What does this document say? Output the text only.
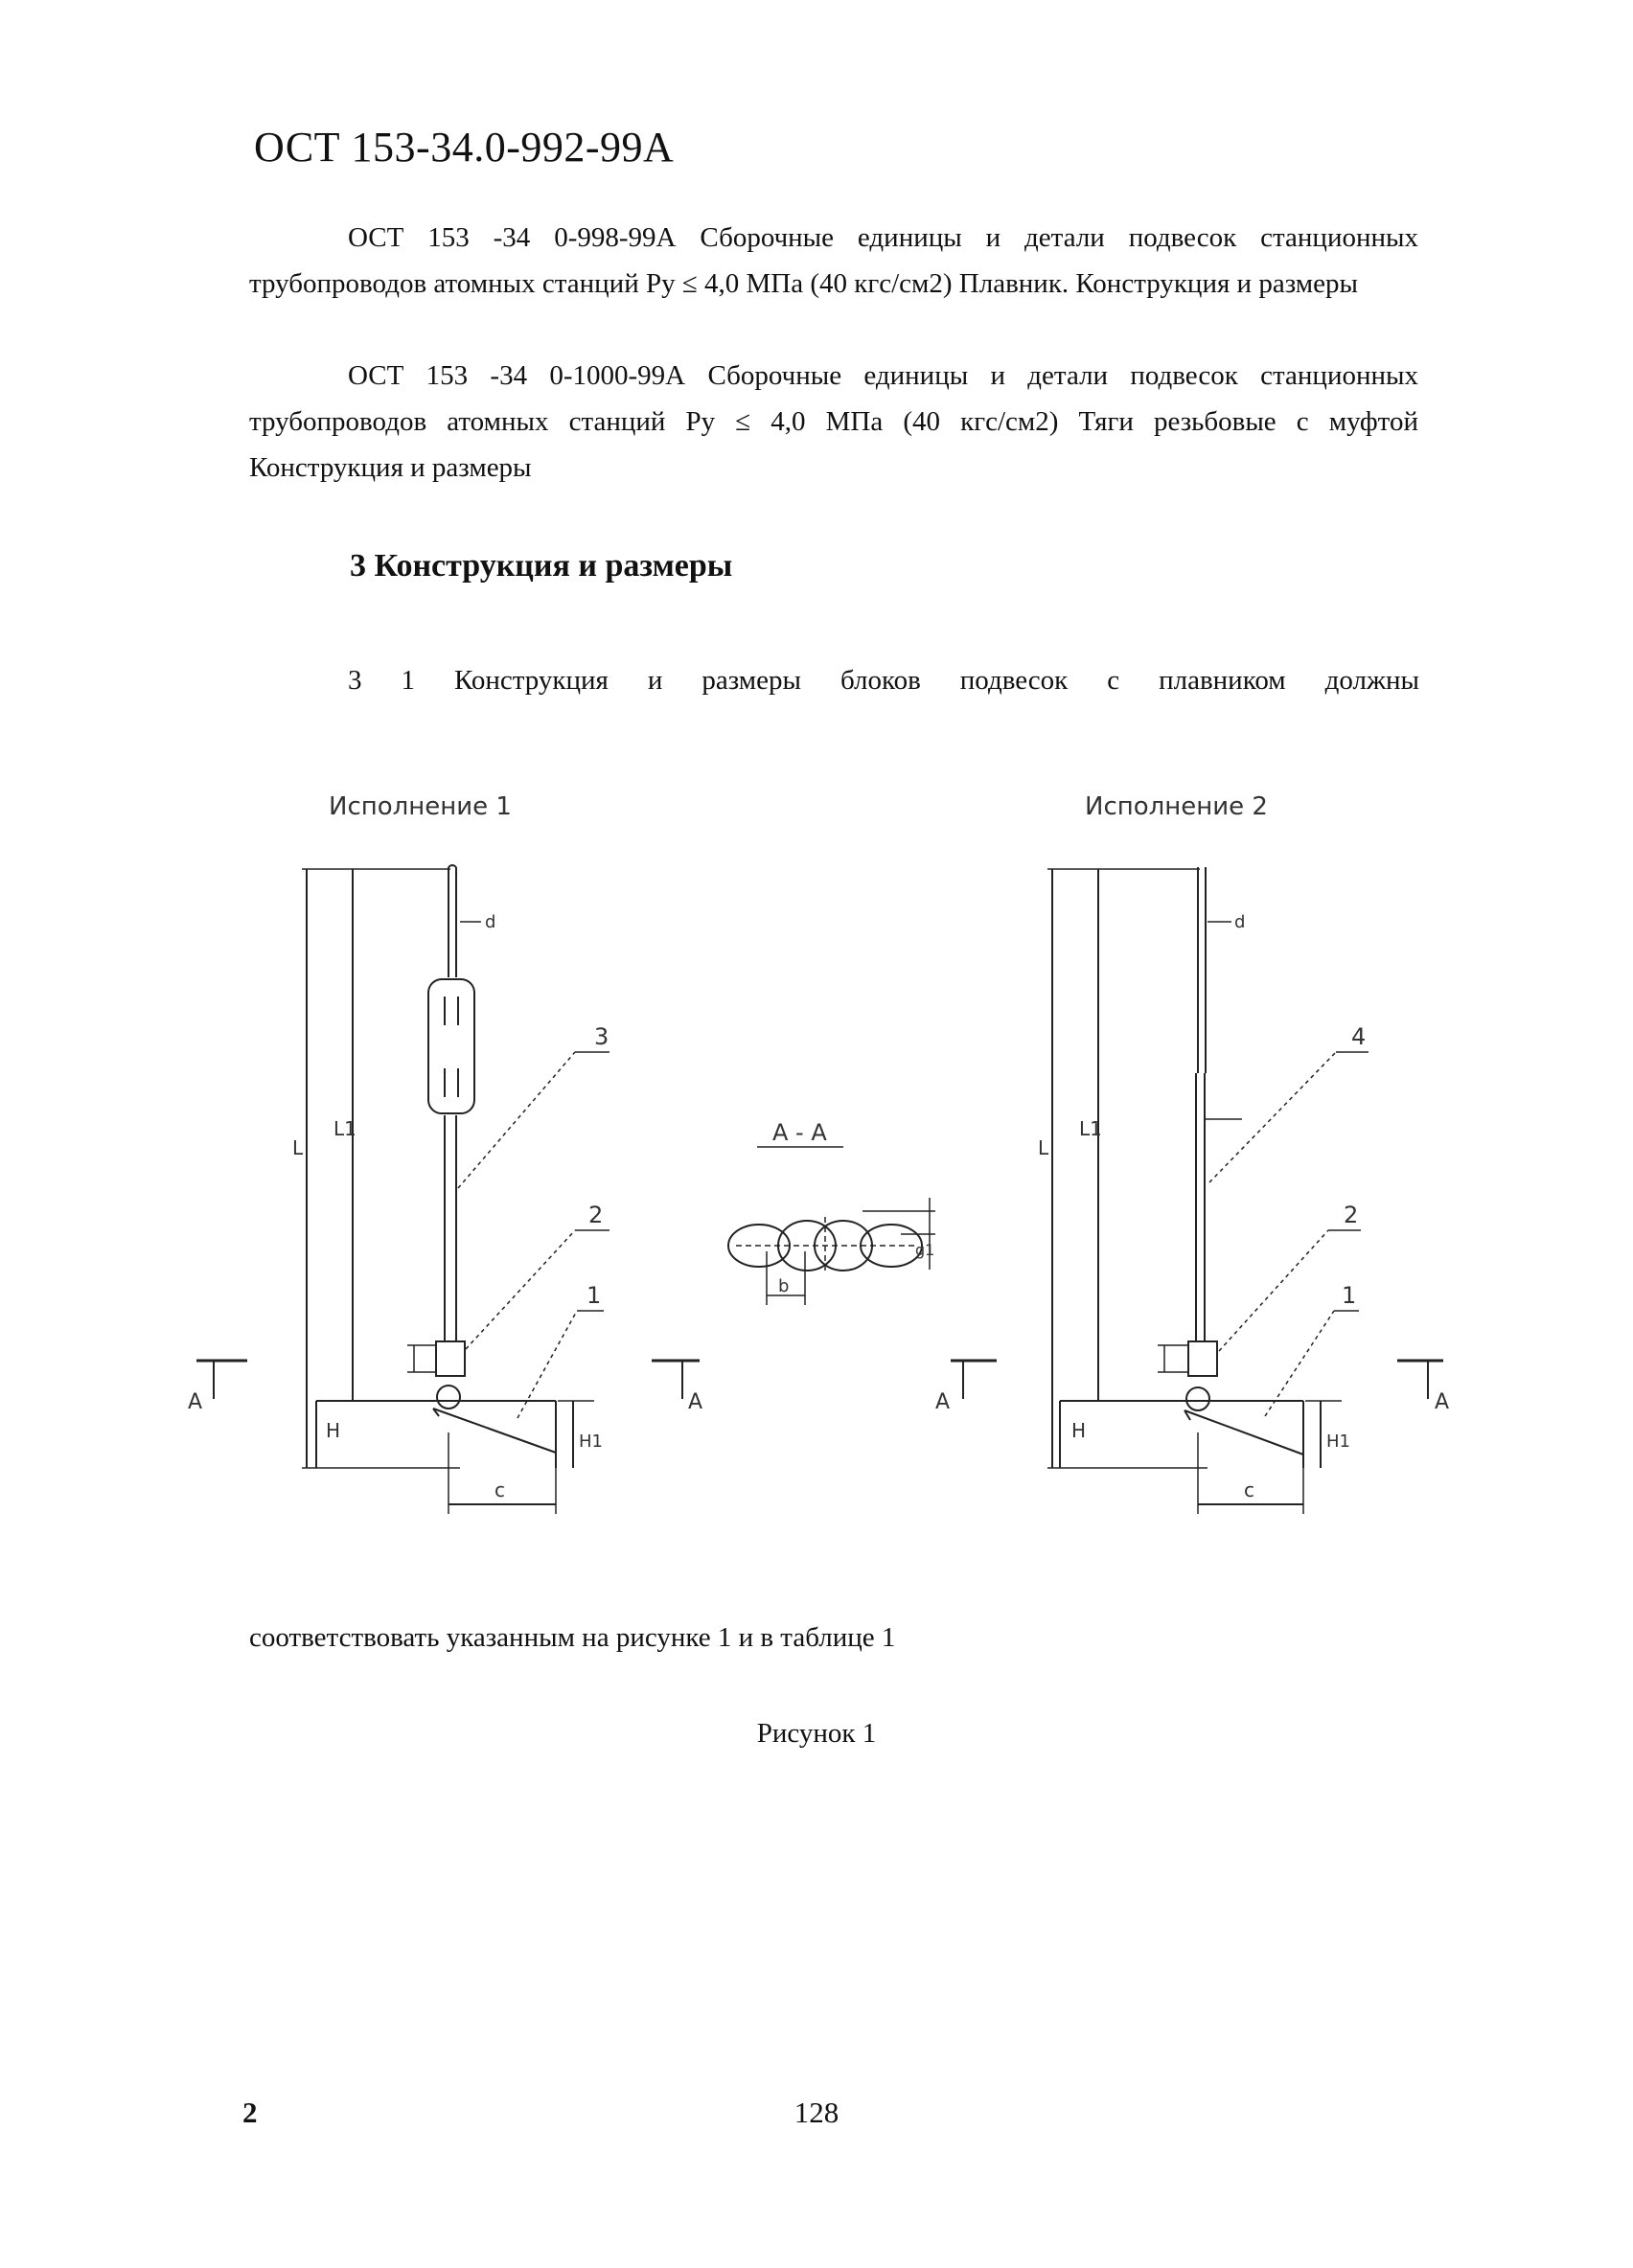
ОСТ 153-34.0-992-99А
ОСТ 153 -34 0-998-99А Сборочные единицы и детали подвесок станционных трубопроводов атомных станций Ру ≤ 4,0 МПа (40 кгс/см2) Плавник. Конструкция и размеры
ОСТ 153 -34 0-1000-99А Сборочные единицы и детали подвесок станционных трубопроводов атомных станций Ру ≤ 4,0 МПа (40 кгс/см2) Тяги резьбовые с муфтой Конструкция и размеры
3 Конструкция и размеры
3 1 Конструкция и размеры блоков подвесок с плавником должны
Исполнение 1	Исполнение 2
А - А
d	d
L
L1
L
L1
H	H
H1	H1
c	c
b
g1
А	А	А	А
3
2
1
4
2
1
соответствовать указанным на рисунке 1 и в таблице 1
Рисунок 1
2	128
